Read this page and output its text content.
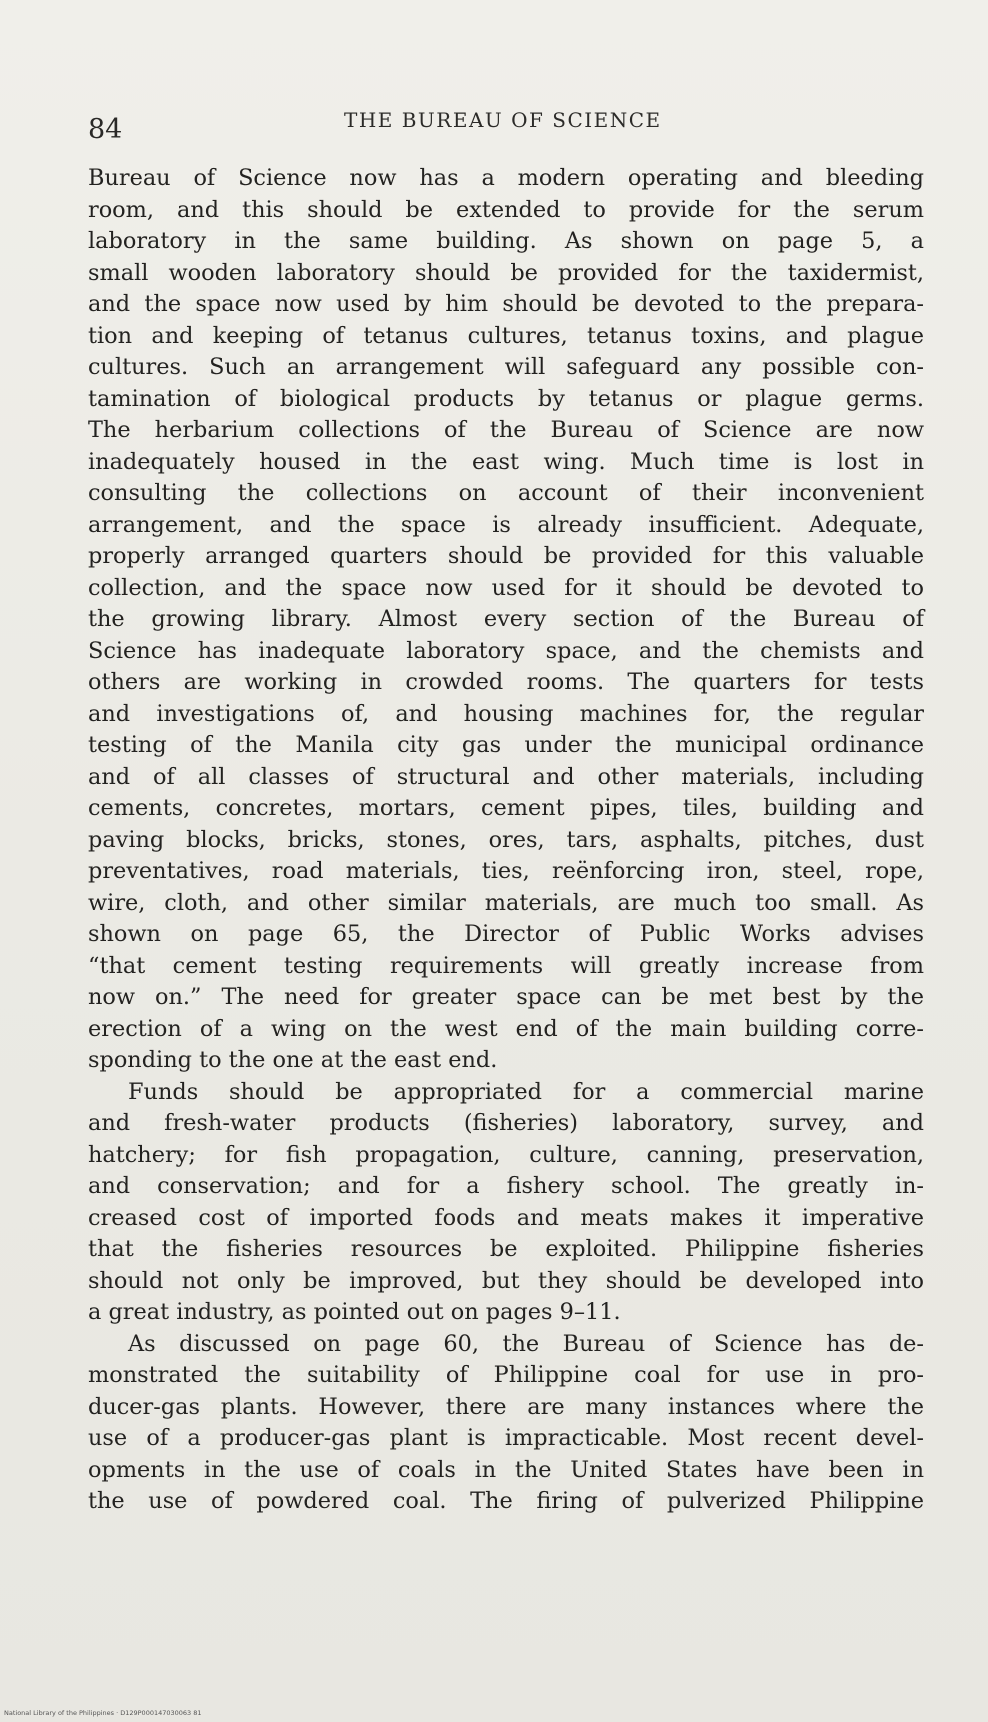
84	THE BUREAU OF SCIENCE
Bureau of Science now has a modern operating and bleeding
room, and this should be extended to provide for the serum
laboratory in the same building. As shown on page 5, a
small wooden laboratory should be provided for the taxidermist,
and the space now used by him should be devoted to the prepara-
tion and keeping of tetanus cultures, tetanus toxins, and plague
cultures. Such an arrangement will safeguard any possible con-
tamination of biological products by tetanus or plague germs.
The herbarium collections of the Bureau of Science are now
inadequately housed in the east wing. Much time is lost in
consulting the collections on account of their inconvenient
arrangement, and the space is already insufficient. Adequate,
properly arranged quarters should be provided for this valuable
collection, and the space now used for it should be devoted to
the growing library. Almost every section of the Bureau of
Science has inadequate laboratory space, and the chemists and
others are working in crowded rooms. The quarters for tests
and investigations of, and housing machines for, the regular
testing of the Manila city gas under the municipal ordinance
and of all classes of structural and other materials, including
cements, concretes, mortars, cement pipes, tiles, building and
paving blocks, bricks, stones, ores, tars, asphalts, pitches, dust
preventatives, road materials, ties, reënforcing iron, steel, rope,
wire, cloth, and other similar materials, are much too small. As
shown on page 65, the Director of Public Works advises
“that cement testing requirements will greatly increase from
now on.” The need for greater space can be met best by the
erection of a wing on the west end of the main building corre-
sponding to the one at the east end.
Funds should be appropriated for a commercial marine
and fresh-water products (fisheries) laboratory, survey, and
hatchery; for fish propagation, culture, canning, preservation,
and conservation; and for a fishery school. The greatly in-
creased cost of imported foods and meats makes it imperative
that the fisheries resources be exploited. Philippine fisheries
should not only be improved, but they should be developed into
a great industry, as pointed out on pages 9–11.
As discussed on page 60, the Bureau of Science has de-
monstrated the suitability of Philippine coal for use in pro-
ducer-gas plants. However, there are many instances where the
use of a producer-gas plant is impracticable. Most recent devel-
opments in the use of coals in the United States have been in
the use of powdered coal. The firing of pulverized Philippine
National Library of the Philippines · D129P000147030063 81
